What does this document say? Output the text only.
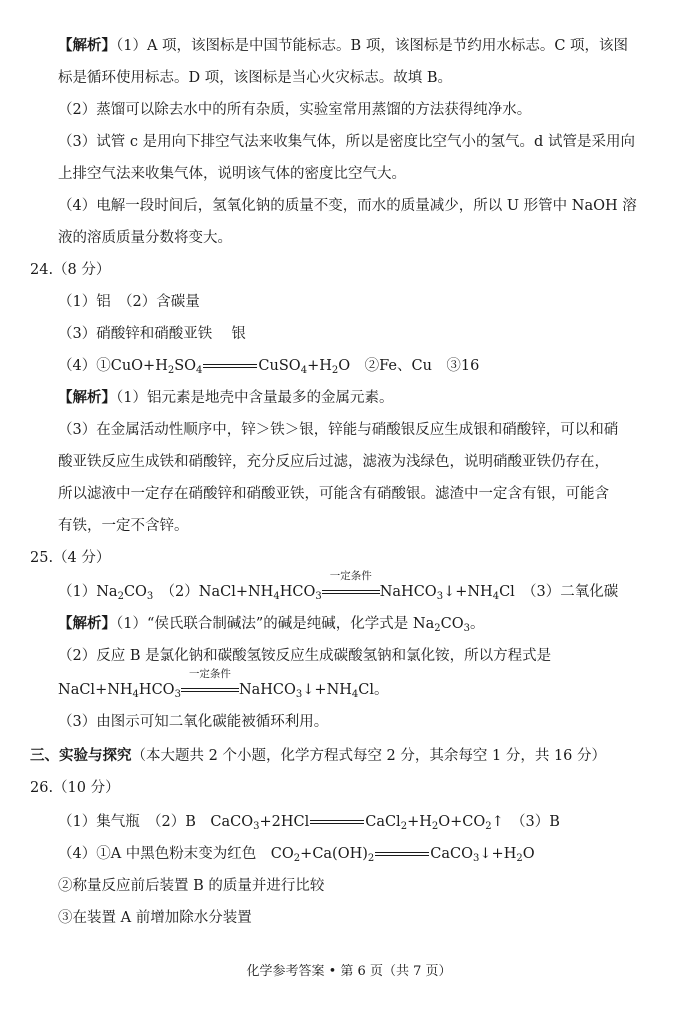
【解析】（1）A 项，该图标是中国节能标志。B 项，该图标是节约用水标志。C 项，该图
标是循环使用标志。D 项，该图标是当心火灾标志。故填 B。
（2）蒸馏可以除去水中的所有杂质，实验室常用蒸馏的方法获得纯净水。
（3）试管 c 是用向下排空气法来收集气体，所以是密度比空气小的氢气。d 试管是采用向
上排空气法来收集气体，说明该气体的密度比空气大。
（4）电解一段时间后，氢氧化钠的质量不变，而水的质量减少，所以 U 形管中 NaOH 溶
液的溶质质量分数将变大。
24.（8 分）
（1）铝　（2）含碳量
（3）硝酸锌和硝酸亚铁　 银
$(4)①CuO+H_2SO_4$	$CuSO_4+H_2O$　②Fe、Cu　③16
【解析】（1）铝元素是地壳中含量最多的金属元素。
（3）在金属活动性顺序中，锌＞铁＞银，锌能与硝酸银反应生成银和硝酸锌，可以和硝
酸亚铁反应生成铁和硝酸锌，充分反应后过滤，滤液为浅绿色，说明硝酸亚铁仍存在，
所以滤液中一定存在硝酸锌和硝酸亚铁，可能含有硝酸银。滤渣中一定含有银，可能含
有铁，一定不含锌。
25.（4 分）
$(1)Na_2CO_3$　 $(2)NaCl+NH_4HCO_3$
一定条件
$NaHCO_3↓+NH_4Cl$　（3）二氧化碳
【解析】（1）“侯氏联合制碱法”的碱是纯碱，化学式是 $Na_2CO_3$。
（2）反应 B 是氯化钠和碳酸氢铵反应生成碳酸氢钠和氯化铵，所以方程式是
$NaCl+NH_4HCO_3$
一定条件
$NaHCO_3↓+NH_4Cl$。
（3）由图示可知二氧化碳能被循环利用。
三、实验与探究（本大题共 2 个小题，化学方程式每空 2 分，其余每空 1 分，共 16 分）
26.（10 分）
（1）集气瓶　（2）B　CaCO$_3$+2HCl	$CaCl_2+H_2O+CO_2↑$　（3）B
（4）①A 中黑色粉末变为红色　$CO_2+Ca(OH)_2$	$CaCO_3↓+H_2O$
②称量反应前后装置 B 的质量并进行比较
③在装置 A 前增加除水分装置
化学参考答案 • 第 6 页（共 7 页）
